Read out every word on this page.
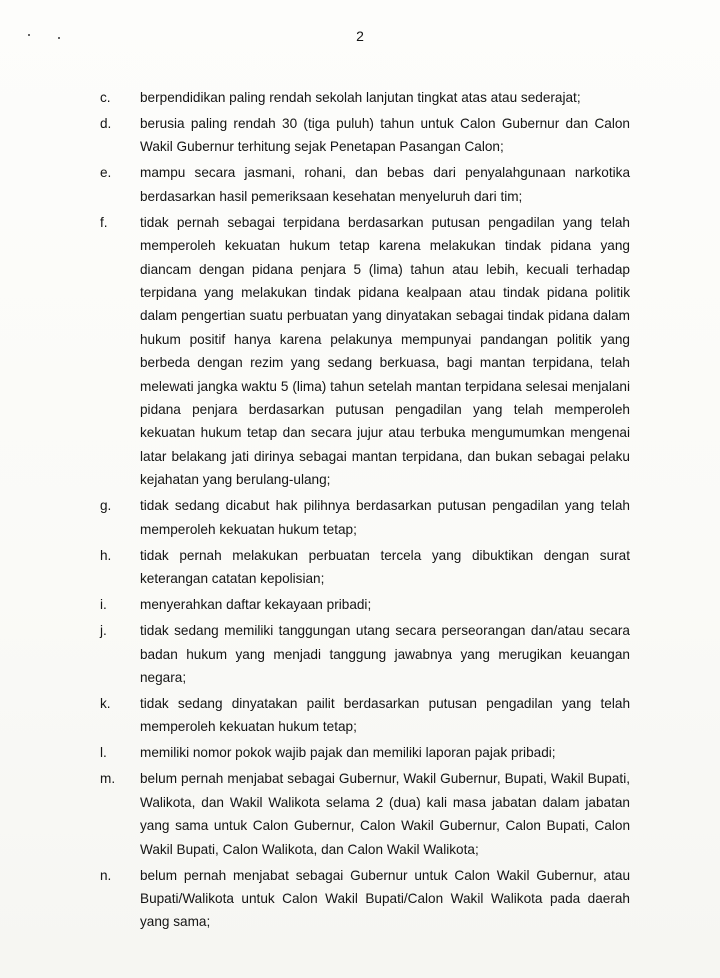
2
c. berpendidikan paling rendah sekolah lanjutan tingkat atas atau sederajat;
d. berusia paling rendah 30 (tiga puluh) tahun untuk Calon Gubernur dan Calon
Wakil Gubernur terhitung sejak Penetapan Pasangan Calon;
e. mampu secara jasmani, rohani, dan bebas dari penyalahgunaan narkotika
berdasarkan hasil pemeriksaan kesehatan menyeluruh dari tim;
f. tidak pernah sebagai terpidana berdasarkan putusan pengadilan yang telah
memperoleh kekuatan hukum tetap karena melakukan tindak pidana yang
diancam dengan pidana penjara 5 (lima) tahun atau lebih, kecuali terhadap
terpidana yang melakukan tindak pidana kealpaan atau tindak pidana politik
dalam pengertian suatu perbuatan yang dinyatakan sebagai tindak pidana dalam
hukum positif hanya karena pelakunya mempunyai pandangan politik yang
berbeda dengan rezim yang sedang berkuasa, bagi mantan terpidana, telah
melewati jangka waktu 5 (lima) tahun setelah mantan terpidana selesai menjalani
pidana penjara berdasarkan putusan pengadilan yang telah memperoleh
kekuatan hukum tetap dan secara jujur atau terbuka mengumumkan mengenai
latar belakang jati dirinya sebagai mantan terpidana, dan bukan sebagai pelaku
kejahatan yang berulang-ulang;
g. tidak sedang dicabut hak pilihnya berdasarkan putusan pengadilan yang telah
memperoleh kekuatan hukum tetap;
h. tidak pernah melakukan perbuatan tercela yang dibuktikan dengan surat
keterangan catatan kepolisian;
i. menyerahkan daftar kekayaan pribadi;
j. tidak sedang memiliki tanggungan utang secara perseorangan dan/atau secara
badan hukum yang menjadi tanggung jawabnya yang merugikan keuangan
negara;
k. tidak sedang dinyatakan pailit berdasarkan putusan pengadilan yang telah
memperoleh kekuatan hukum tetap;
l. memiliki nomor pokok wajib pajak dan memiliki laporan pajak pribadi;
m. belum pernah menjabat sebagai Gubernur, Wakil Gubernur, Bupati, Wakil Bupati,
Walikota, dan Wakil Walikota selama 2 (dua) kali masa jabatan dalam jabatan
yang sama untuk Calon Gubernur, Calon Wakil Gubernur, Calon Bupati, Calon
Wakil Bupati, Calon Walikota, dan Calon Wakil Walikota;
n. belum pernah menjabat sebagai Gubernur untuk Calon Wakil Gubernur, atau
Bupati/Walikota untuk Calon Wakil Bupati/Calon Wakil Walikota pada daerah
yang sama;
